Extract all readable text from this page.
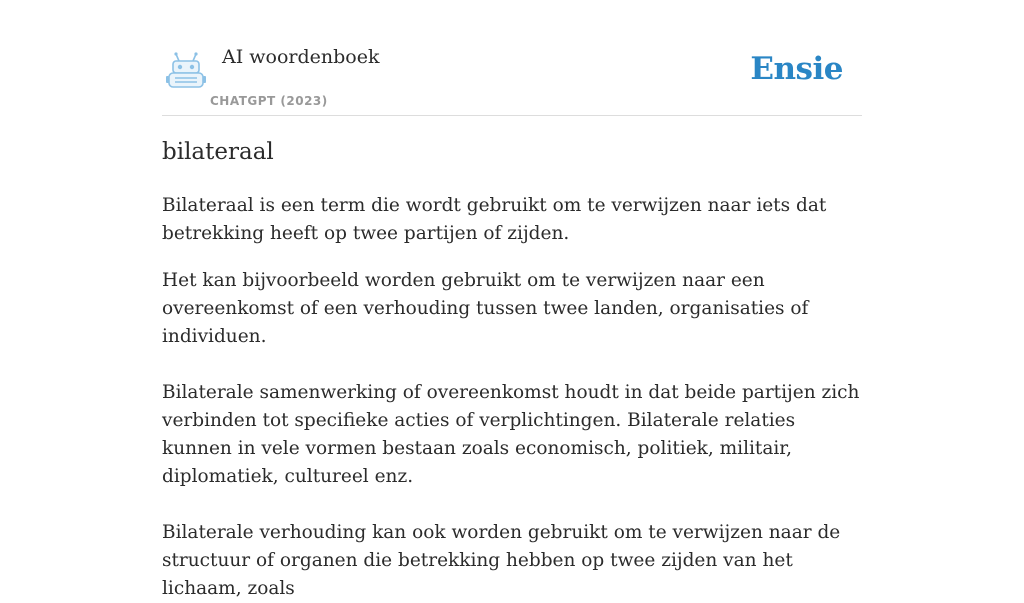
AI woordenboek
CHATGPT (2023)
Ensie
bilateraal

Bilateraal is een term die wordt gebruikt om te verwijzen naar iets dat betrekking heeft op twee partijen of zijden.

Het kan bijvoorbeeld worden gebruikt om te verwijzen naar een overeenkomst of een verhouding tussen twee landen, organisaties of individuen.

Bilaterale samenwerking of overeenkomst houdt in dat beide partijen zich verbinden tot specifieke acties of verplichtingen. Bilaterale relaties kunnen in vele vormen bestaan zoals economisch, politiek, militair, diplomatiek, cultureel enz.

Bilaterale verhouding kan ook worden gebruikt om te verwijzen naar de structuur of organen die betrekking hebben op twee zijden van het lichaam, zoals
